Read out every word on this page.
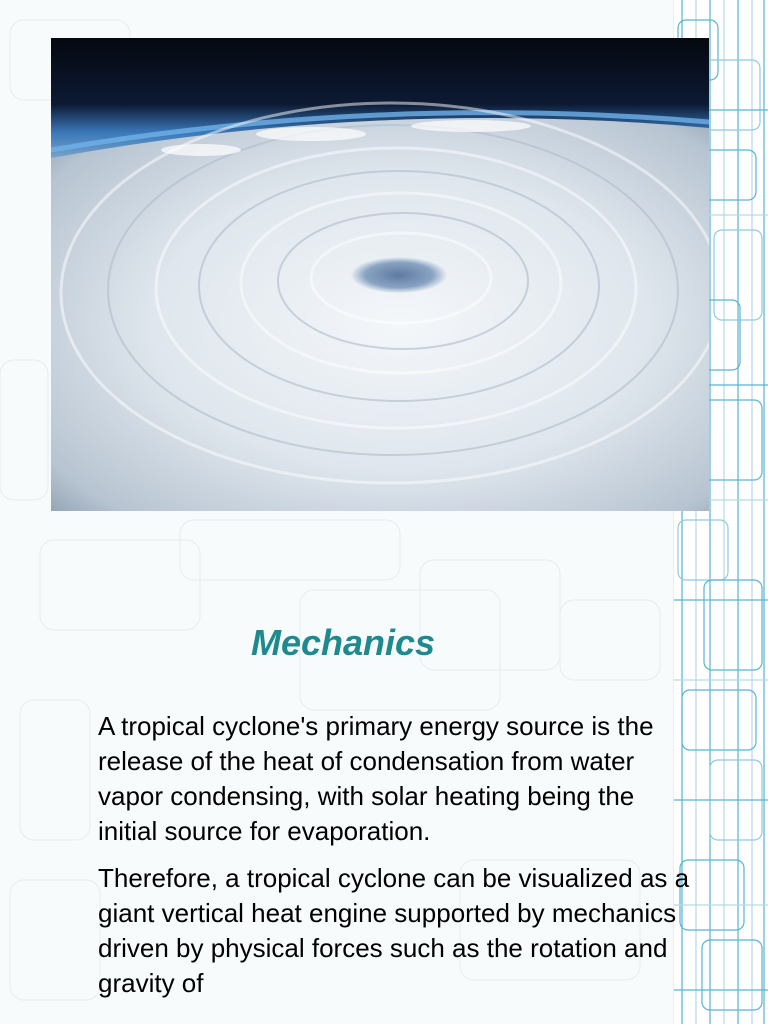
Mechanics

A tropical cyclone's primary energy source is the release of the heat of condensation from water vapor condensing, with solar heating being the initial source for evaporation.

Therefore, a tropical cyclone can be visualized as a giant vertical heat engine supported by mechanics driven by physical forces such as the rotation and gravity of
